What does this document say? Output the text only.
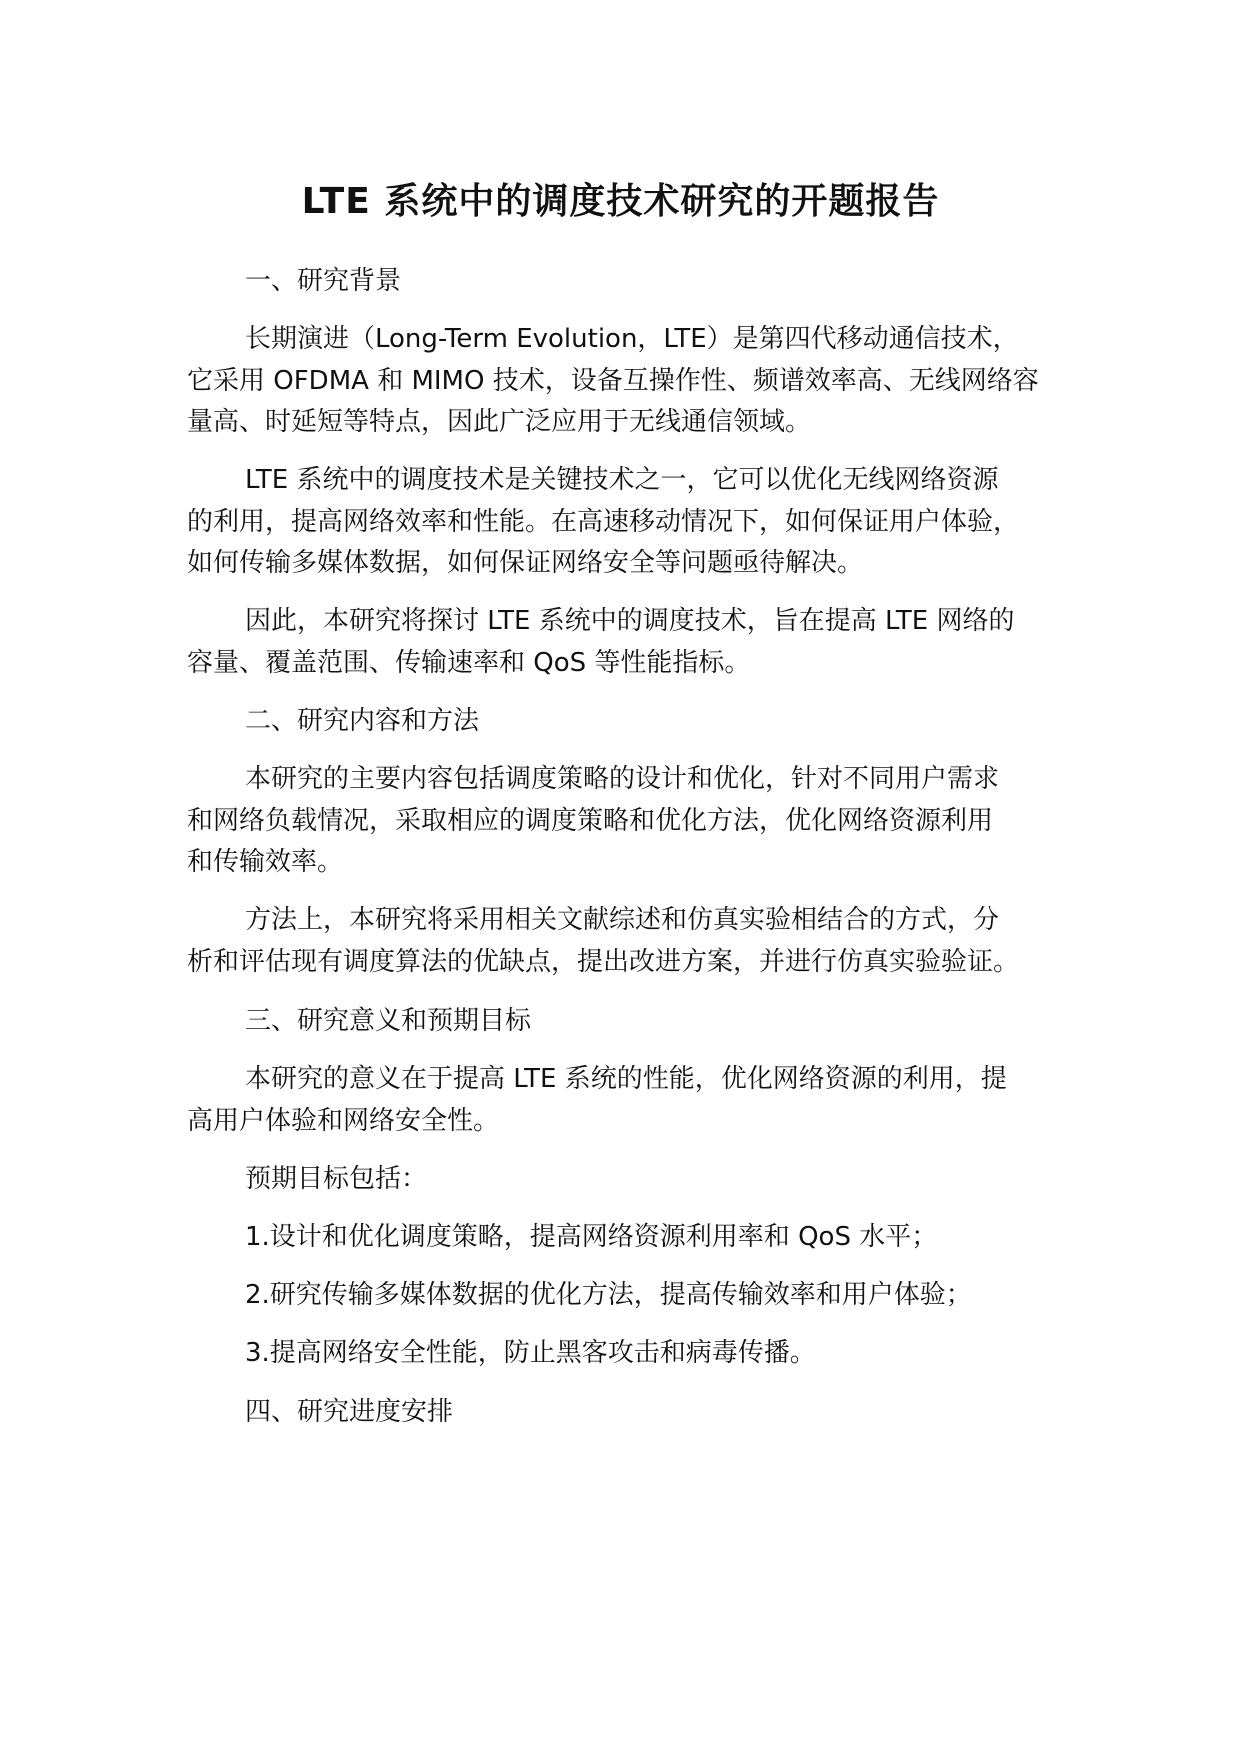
LTE 系统中的调度技术研究的开题报告

一、研究背景

长期演进（Long-Term Evolution，LTE）是第四代移动通信技术，

它采用 OFDMA 和 MIMO 技术，设备互操作性、频谱效率高、无线网络容

量高、时延短等特点，因此广泛应用于无线通信领域。

LTE 系统中的调度技术是关键技术之一，它可以优化无线网络资源

的利用，提高网络效率和性能。在高速移动情况下，如何保证用户体验，

如何传输多媒体数据，如何保证网络安全等问题亟待解决。

因此，本研究将探讨 LTE 系统中的调度技术，旨在提高 LTE 网络的

容量、覆盖范围、传输速率和 QoS 等性能指标。

二、研究内容和方法

本研究的主要内容包括调度策略的设计和优化，针对不同用户需求

和网络负载情况，采取相应的调度策略和优化方法，优化网络资源利用

和传输效率。

方法上，本研究将采用相关文献综述和仿真实验相结合的方式，分

析和评估现有调度算法的优缺点，提出改进方案，并进行仿真实验验证。

三、研究意义和预期目标

本研究的意义在于提高 LTE 系统的性能，优化网络资源的利用，提

高用户体验和网络安全性。

预期目标包括：

1.设计和优化调度策略，提高网络资源利用率和 QoS 水平；

2.研究传输多媒体数据的优化方法，提高传输效率和用户体验；

3.提高网络安全性能，防止黑客攻击和病毒传播。

四、研究进度安排
